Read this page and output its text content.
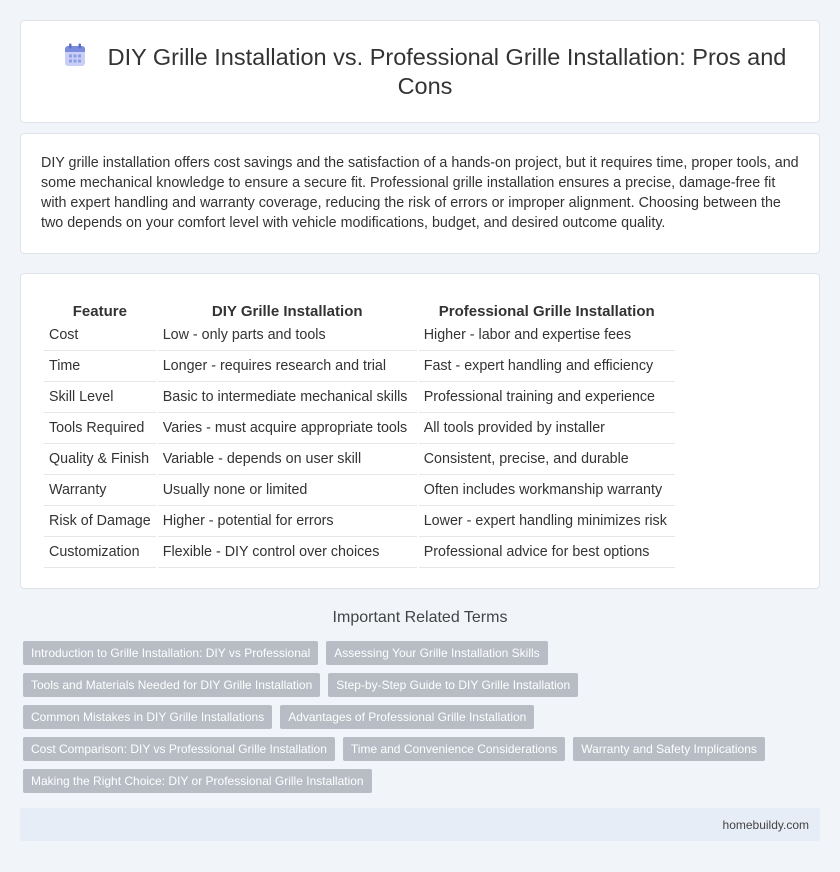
DIY Grille Installation vs. Professional Grille Installation: Pros and Cons

DIY grille installation offers cost savings and the satisfaction of a hands-on project, but it requires time, proper tools, and some mechanical knowledge to ensure a secure fit. Professional grille installation ensures a precise, damage-free fit with expert handling and warranty coverage, reducing the risk of errors or improper alignment. Choosing between the two depends on your comfort level with vehicle modifications, budget, and desired outcome quality.

Feature	DIY Grille Installation	Professional Grille Installation
Cost	Low - only parts and tools	Higher - labor and expertise fees
Time	Longer - requires research and trial	Fast - expert handling and efficiency
Skill Level	Basic to intermediate mechanical skills	Professional training and experience
Tools Required	Varies - must acquire appropriate tools	All tools provided by installer
Quality & Finish	Variable - depends on user skill	Consistent, precise, and durable
Warranty	Usually none or limited	Often includes workmanship warranty
Risk of Damage	Higher - potential for errors	Lower - expert handling minimizes risk
Customization	Flexible - DIY control over choices	Professional advice for best options
Important Related Terms
Introduction to Grille Installation: DIY vs Professional	Assessing Your Grille Installation Skills
Tools and Materials Needed for DIY Grille Installation	Step-by-Step Guide to DIY Grille Installation
Common Mistakes in DIY Grille Installations	Advantages of Professional Grille Installation
Cost Comparison: DIY vs Professional Grille Installation	Time and Convenience Considerations	Warranty and Safety Implications
Making the Right Choice: DIY or Professional Grille Installation
homebuildy.com
